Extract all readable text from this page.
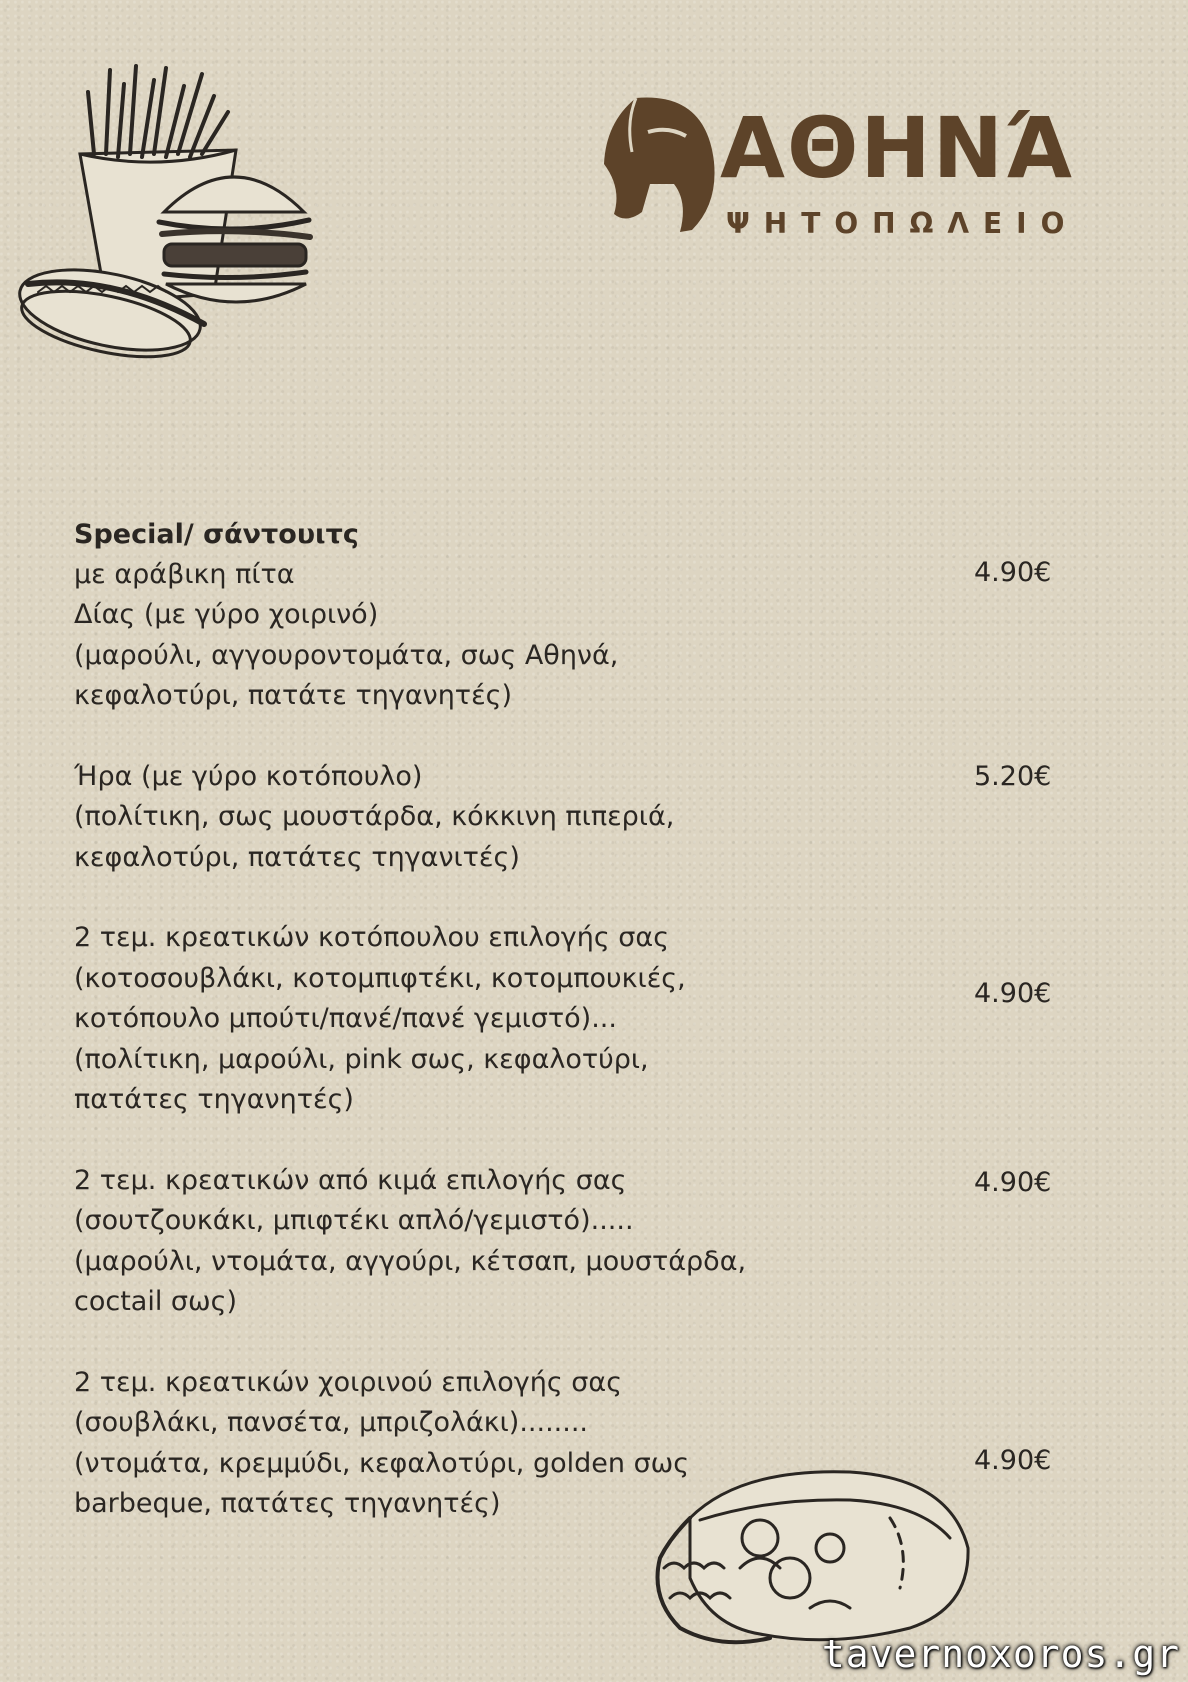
ΑΘΗΝΆ
ΨΗΤΟΠΩΛΕΙΟ

Special/ σάντουιτς

με αράβικη πίτα

Δίας (με γύρο χοιρινό)

(μαρούλι, αγγουροντομάτα, σως Αθηνά,

κεφαλοτύρι, πατάτε τηγανητές)

4.90€

Ήρα (με γύρο κοτόπουλο)

(πολίτικη, σως μουστάρδα, κόκκινη πιπεριά,

κεφαλοτύρι, πατάτες τηγανιτές)

5.20€

2 τεμ. κρεατικών κοτόπουλου επιλογής σας

(κοτοσουβλάκι, κοτομπιφτέκι, κοτομπουκιές,

κοτόπουλο μπούτι/πανέ/πανέ γεμιστό)...

(πολίτικη, μαρούλι, pink σως, κεφαλοτύρι,

πατάτες τηγανητές)

4.90€

2 τεμ. κρεατικών από κιμά επιλογής σας

(σουτζουκάκι, μπιφτέκι απλό/γεμιστό).....

(μαρούλι, ντομάτα, αγγούρι, κέτσαπ, μουστάρδα,

coctail σως)

4.90€

2 τεμ. κρεατικών χοιρινού επιλογής σας

(σουβλάκι, πανσέτα, μπριζολάκι)........

(ντομάτα, κρεμμύδι, κεφαλοτύρι, golden σως

barbeque, πατάτες τηγανητές)

4.90€
tavernoxoros.gr
